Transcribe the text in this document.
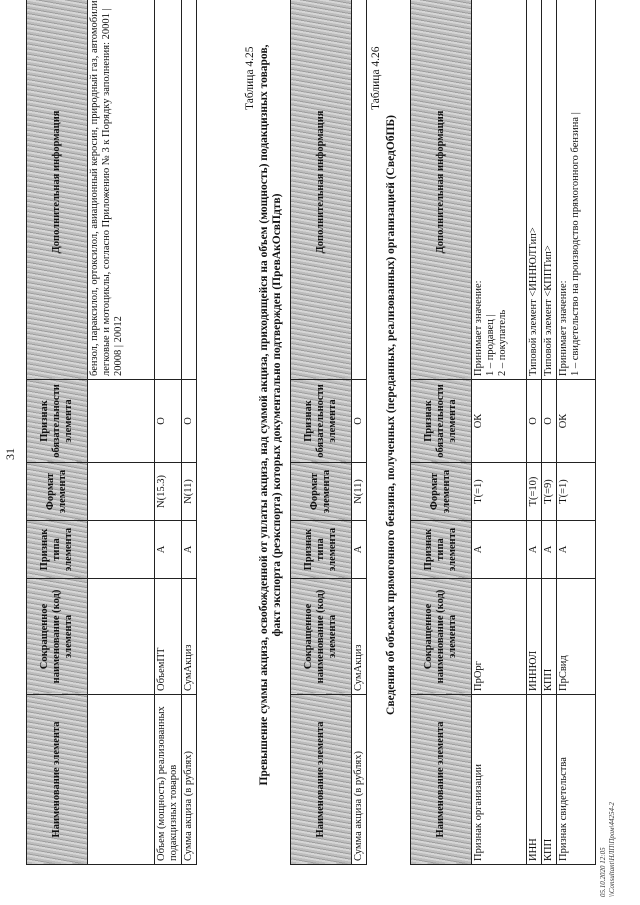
31
Наименование элемента	Сокращенное наименование (код) элемента	Признак типа элемента	Формат элемента	Признак обязательности элемента	Дополнительная информация
					бензол, параксилол, ортоксилол, авиационный керосин, природный газ, автомобили легковые и мотоциклы, согласно Приложению № 3 к Порядку заполнения: 20001 | 20008 | 20012
Объем (мощность) реализованных подакцизных товаров	ОбъемПТ	А	N(15.3)	О	
Сумма акциза (в рублях)	СумАкциз	А	N(11)	О	
Таблица 4.25 Превышение суммы акциза, освобожденной от уплаты акциза, над суммой акциза, приходящейся на объем (мощность) подакцизных товаров, факт экспорта (реэкспорта) которых документально подтвержден (ПревАкОсвПдтв)
Наименование элемента	Сокращенное наименование (код) элемента	Признак типа элемента	Формат элемента	Признак обязательности элемента	Дополнительная информация
Сумма акциза (в рублях)	СумАкциз	А	N(11)	О	
Таблица 4.26
Сведения об объемах прямогонного бензина, полученных (переданных, реализованных) организацией (СведОбПБ)
Наименование элемента	Сокращенное наименование (код) элемента	Признак типа элемента	Формат элемента	Признак обязательности элемента	Дополнительная информация
Признак организации	ПрОрг	А	T(=1)	ОК	Принимает значение:
1 – продавец |
2 – покупатель
ИНН	ИННЮЛ	А	T(=10)	О	Типовой элемент <ИННЮЛТип>
КПП	КПП	А	T(=9)	О	Типовой элемент <КППТип>
Признак свидетельства	ПрСвид	А	T(=1)	ОК	Принимает значение:
1 – свидетельство на производство прямогонного бензина |
05.10.2020 12:05 \\Consultant\НЛП\Пром\44254-2
